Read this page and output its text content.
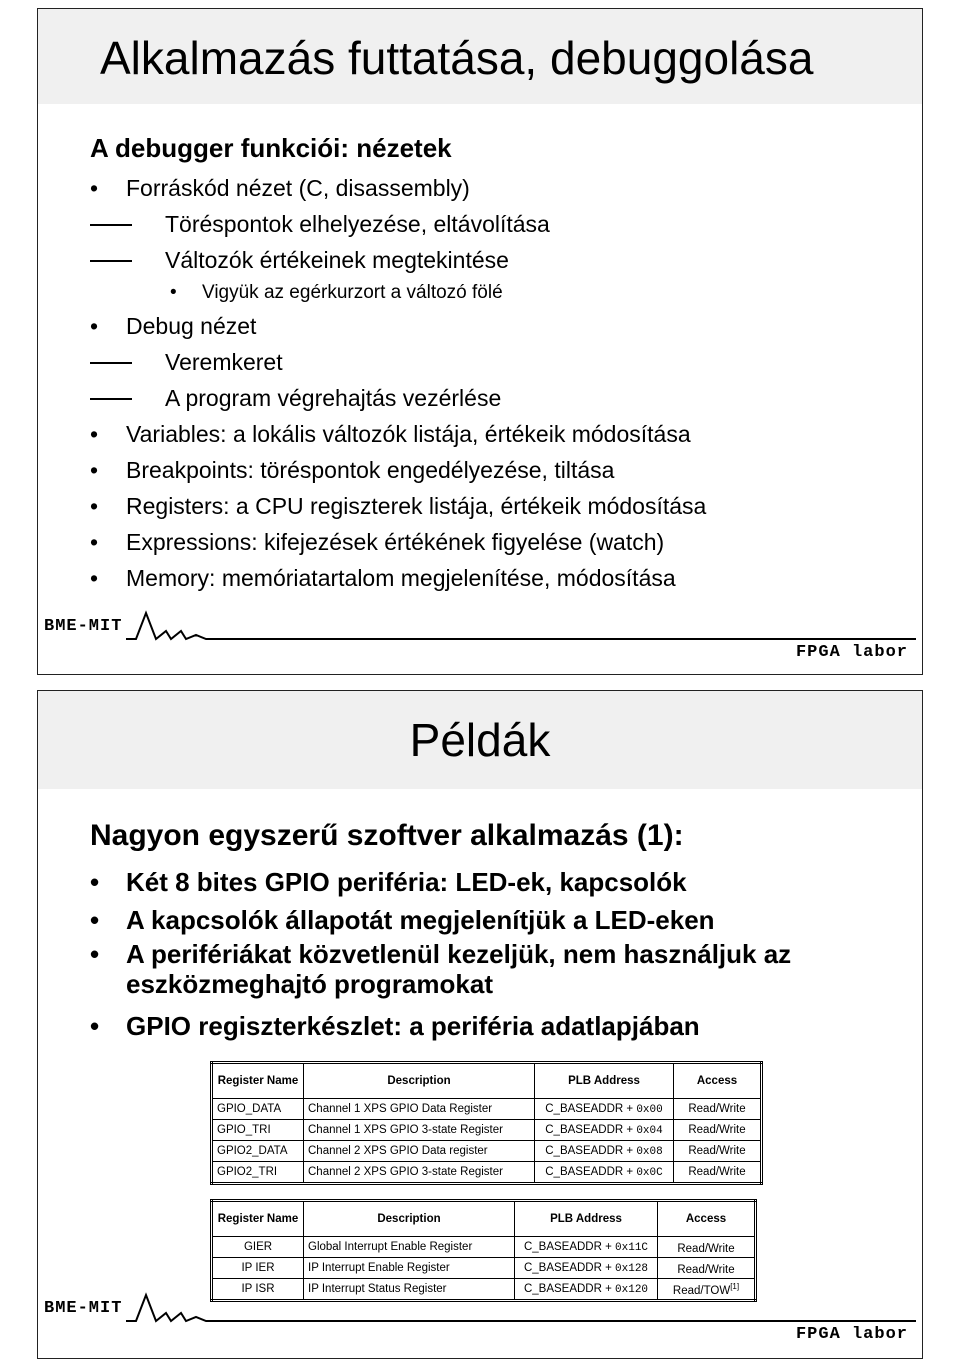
Alkalmazás futtatása, debuggolása
A debugger funkciói: nézetek
• Forráskód nézet (C, disassembly)
Töréspontok elhelyezése, eltávolítása
Változók értékeinek megtekintése
• Vigyük az egérkurzort a változó fölé
• Debug nézet
Veremkeret
A program végrehajtás vezérlése
• Variables: a lokális változók listája, értékeik módosítása
• Breakpoints: töréspontok engedélyezése, tiltása
• Registers: a CPU regiszterek listája, értékeik módosítása
• Expressions: kifejezések értékének figyelése (watch)
• Memory: memóriatartalom megjelenítése, módosítása
BME-MIT
FPGA labor
Példák
Nagyon egyszerű szoftver alkalmazás (1):
• Két 8 bites GPIO periféria: LED-ek, kapcsolók
• A kapcsolók állapotát megjelenítjük a LED-eken
• A perifériákat közvetlenül kezeljük, nem használjuk az eszközmeghajtó programokat
• GPIO regiszterkészlet: a periféria adatlapjában
Register Name	Description	PLB Address	Access
GPIO_DATA	Channel 1 XPS GPIO Data Register	C_BASEADDR + 0x00	Read/Write
GPIO_TRI	Channel 1 XPS GPIO 3-state Register	C_BASEADDR + 0x04	Read/Write
GPIO2_DATA	Channel 2 XPS GPIO Data register	C_BASEADDR + 0x08	Read/Write
GPIO2_TRI	Channel 2 XPS GPIO 3-state Register	C_BASEADDR + 0x0C	Read/Write
Register Name	Description	PLB Address	Access
GIER	Global Interrupt Enable Register	C_BASEADDR + 0x11C	Read/Write
IP IER	IP Interrupt Enable Register	C_BASEADDR + 0x128	Read/Write
IP ISR	IP Interrupt Status Register	C_BASEADDR + 0x120	Read/TOW[1]
BME-MIT
FPGA labor
